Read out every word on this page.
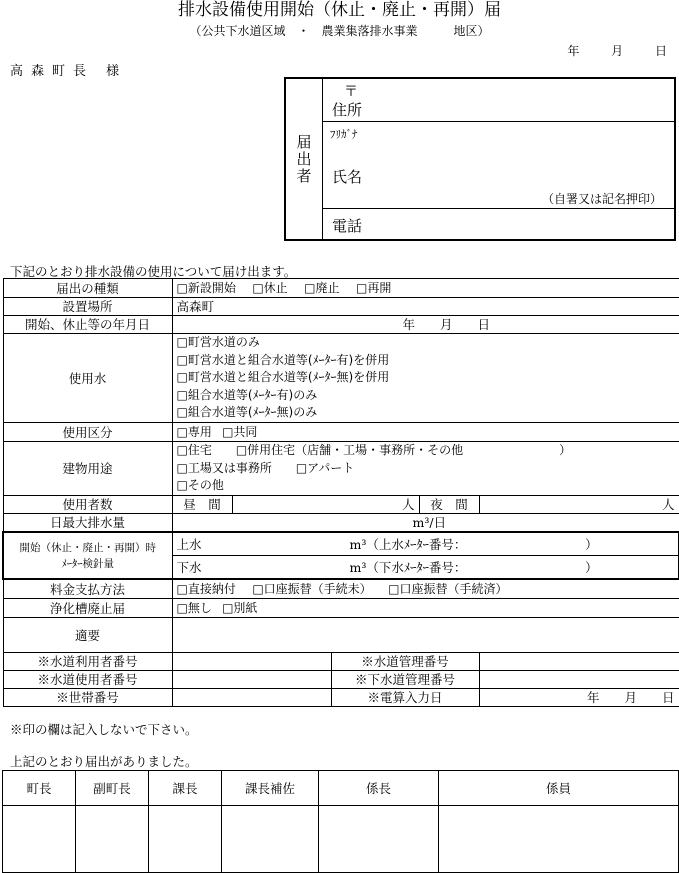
排水設備使用開始（休止・廃止・再開）届
（公共下水道区域　・　農業集落排水事業　　　地区）
年 月 日
高森町長 様
届出者
〒
住所
ﾌﾘｶﾞﾅ
氏名
（自署又は記名押印）
電話
下記のとおり排水設備の使用について届け出ます。
届出の種類	□新設開始  □休止  □廃止  □再開				
設置場所	高森町				
開始、休止等の年月日	年　　月　　日				
使用水	□町営水道のみ
□町営水道と組合水道等(ﾒｰﾀｰ有)を併用
□町営水道と組合水道等(ﾒｰﾀｰ無)を併用
□組合水道等(ﾒｰﾀｰ有)のみ
□組合水道等(ﾒｰﾀｰ無)のみ				

使用区分	□専用  □共同				
建物用途	□住宅　　□併用住宅（店舗・工場・事務所・その他　　　　　　　　）
□工場又は事務所　　□アパート
□その他				

使用者数	昼　間	人		夜　間	人
日最大排水量	m³/日				

開始（休止・廃止・再開）時
ﾒｰﾀｰ検針量	上水 m³（上水ﾒｰﾀｰ番号：　　　　　　　　　　）				
	下水 m³（下水ﾒｰﾀｰ番号：　　　　　　　　　　）				
料金支払方法	□直接納付  □口座振替（手続未）  □口座振替（手続済）				
浄化槽廃止届	□無し  □別紙				
適要					
※水道利用者番号			※水道管理番号		
※水道使用者番号			※下水道管理番号		
※世帯番号			※電算入力日		年　　月　　日
※印の欄は記入しないで下さい。
上記のとおり届出がありました。
町長	副町長	課長	課長補佐	係長	係員
